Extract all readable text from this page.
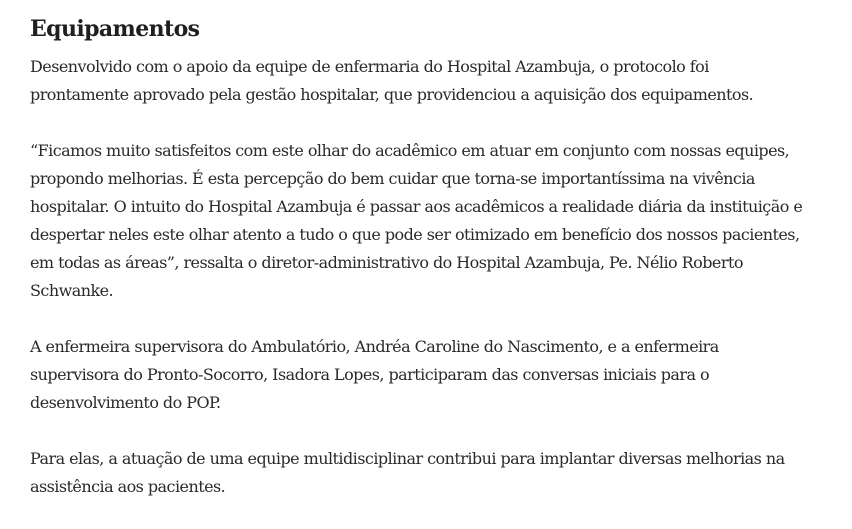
Equipamentos

Desenvolvido com o apoio da equipe de enfermaria do Hospital Azambuja, o protocolo foi
prontamente aprovado pela gestão hospitalar, que providenciou a aquisição dos equipamentos.

“Ficamos muito satisfeitos com este olhar do acadêmico em atuar em conjunto com nossas equipes,
propondo melhorias. É esta percepção do bem cuidar que torna-se importantíssima na vivência
hospitalar. O intuito do Hospital Azambuja é passar aos acadêmicos a realidade diária da instituição e
despertar neles este olhar atento a tudo o que pode ser otimizado em benefício dos nossos pacientes,
em todas as áreas”, ressalta o diretor-administrativo do Hospital Azambuja, Pe. Nélio Roberto
Schwanke.

A enfermeira supervisora do Ambulatório, Andréa Caroline do Nascimento, e a enfermeira
supervisora do Pronto-Socorro, Isadora Lopes, participaram das conversas iniciais para o
desenvolvimento do POP.

Para elas, a atuação de uma equipe multidisciplinar contribui para implantar diversas melhorias na
assistência aos pacientes.
